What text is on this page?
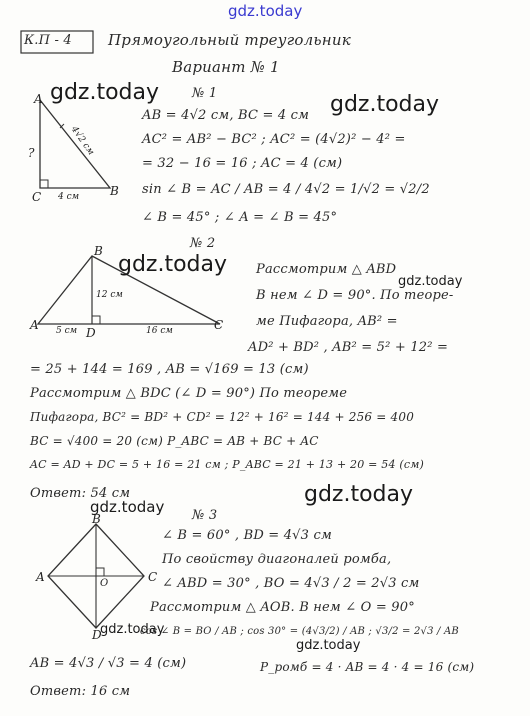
gdz.today
К.П - 4 Прямоугольный треугольник
Вариант № 1
A
B
C
4√2 см
4 см
?
№ 1
AB = 4√2 см, BC = 4 см
AC² = AB² − BC² ; AC² = (4√2)² − 4² =
= 32 − 16 = 16 ; AC = 4 (см)
sin ∠ B = AC / AB = 4 / 4√2 = 1/√2 = √2/2
∠ B = 45° ; ∠ A = ∠ B = 45°
№ 2
A
B
C
D
12 см
5 см	16 см
Рассмотрим △ ABD
В нем ∠ D = 90°. По теоре-
ме Пифагора, AB² =
AD² + BD² , AB² = 5² + 12² =
= 25 + 144 = 169 , AB = √169 = 13 (см)
Рассмотрим △ BDC (∠ D = 90°) По теореме
Пифагора, BC² = BD² + CD² = 12² + 16² = 144 + 256 = 400
BC = √400 = 20 (см) P_ABC = AB + BC + AC
AC = AD + DC = 5 + 16 = 21 см ; P_ABC = 21 + 13 + 20 = 54 (см)
Ответ: 54 см
№ 3
A
B
C
D
O
∠ B = 60° , BD = 4√3 см
По свойству диагоналей ромба,
∠ ABD = 30° , BO = 4√3 / 2 = 2√3 см
Рассмотрим △ AOB. В нем ∠ O = 90°
cos ∠ B = BO / AB ; cos 30° = (4√3/2) / AB ; √3/2 = 2√3 / AB
AB = 4√3 / √3 = 4 (см)	P_ромб = 4 · AB = 4 · 4 = 16 (см)
Ответ: 16 см
gdz.today	gdz.today
gdz.today
gdz.today
gdz.today
gdz.today
gdz.today
gdz.today
